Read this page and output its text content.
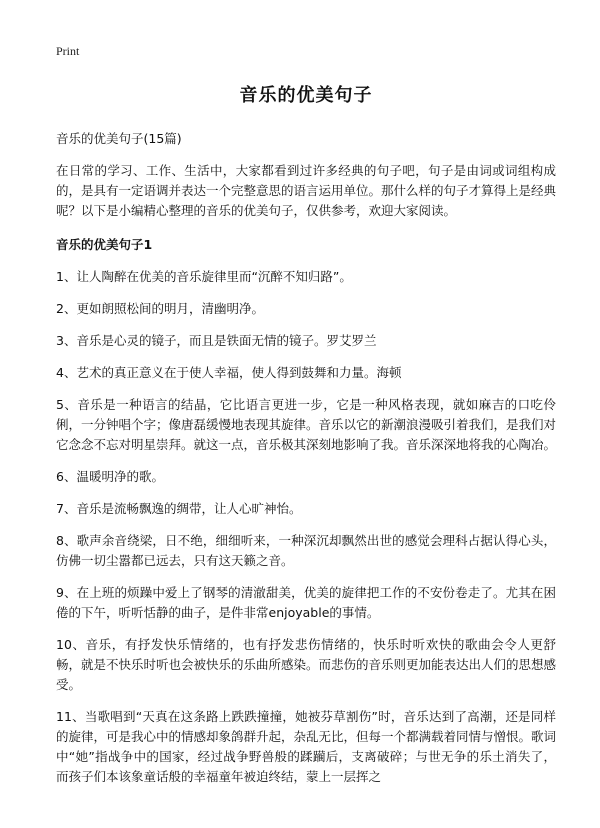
Print
音乐的优美句子
音乐的优美句子(15篇)
在日常的学习、工作、生活中，大家都看到过许多经典的句子吧，句子是由词或词组构成的，是具有一定语调并表达一个完整意思的语言运用单位。那什么样的句子才算得上是经典呢？以下是小编精心整理的音乐的优美句子，仅供参考，欢迎大家阅读。
音乐的优美句子1
1、让人陶醉在优美的音乐旋律里而“沉醉不知归路”。
2、更如朗照松间的明月，清幽明净。
3、音乐是心灵的镜子，而且是铁面无情的镜子。罗艾罗兰
4、艺术的真正意义在于使人幸福，使人得到鼓舞和力量。海顿
5、音乐是一种语言的结晶，它比语言更进一步，它是一种风格表现，就如麻吉的口吃伶俐，一分钟唱个字；像唐磊缓慢地表现其旋律。音乐以它的新潮浪漫吸引着我们，是我们对它念念不忘对明星崇拜。就这一点，音乐极其深刻地影响了我。音乐深深地将我的心陶冶。
6、温暖明净的歌。
7、音乐是流畅飘逸的绸带，让人心旷神怡。
8、歌声余音绕梁，日不绝，细细听来，一种深沉却飘然出世的感觉会理科占据认得心头，仿佛一切尘嚣都已远去，只有这天籁之音。
9、在上班的烦躁中爱上了钢琴的清澈甜美，优美的旋律把工作的不安份卷走了。尤其在困倦的下午，听听恬静的曲子，是件非常enjoyable的事情。
10、音乐，有抒发快乐情绪的，也有抒发悲伤情绪的，快乐时听欢快的歌曲会令人更舒畅，就是不快乐时听也会被快乐的乐曲所感染。而悲伤的音乐则更加能表达出人们的思想感受。
11、当歌唱到“天真在这条路上跌跌撞撞，她被芬草割伤”时，音乐达到了高潮，还是同样的旋律，可是我心中的情感却象鸽群升起，杂乱无比，但每一个都满载着同情与憎恨。歌词中“她”指战争中的国家，经过战争野兽般的蹂躏后，支离破碎；与世无争的乐土消失了，而孩子们本该象童话般的幸福童年被迫终结，蒙上一层挥之
